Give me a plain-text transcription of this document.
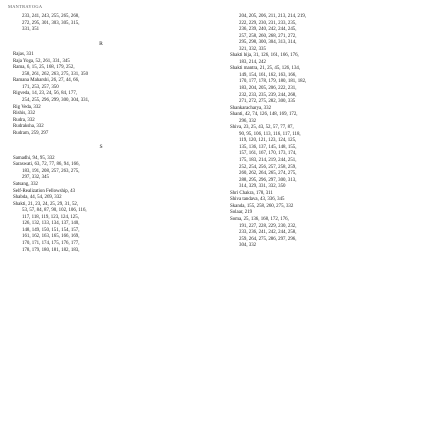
MANTRAYOGA

233, 241, 243, 255, 265, 268,

272, 295, 301, 303, 305, 315,

331, 351

R

Rajas, 331

Raja Yoga, 52, 261, 331, 345

Rama, 6, 15, 25, 168, 179, 252,

258, 261, 262, 263, 275, 331, 350

Ramana Maharshi, 26, 27, 44, 66,

171, 253, 257, 350

Rigveda, 14, 23, 24, 56, 84, 177,

254, 255, 296, 299, 300, 304, 331,

Rig Veda, 332

Rishis, 332

Rudra, 332

Rudraksha, 332

Rudram, 259, 297

S

Samadhi, 94, 95, 332

Saraswati, 63, 72, 77, 86, 94, 166,

183, 191, 208, 257, 263, 275,

297, 332, 345

Satsang, 332

Self-Realization Fellowship, 43

Shabda, 44, 54, 269, 332

Shakti, 21, 23, 24, 25, 29, 31, 52,

53, 57, 84, 87, 90, 102, 106, 116,

117, 118, 119, 123, 124, 125,

126, 132, 133, 134, 137, 140,

148, 149, 150, 151, 154, 157,

161, 162, 163, 165, 166, 169,

170, 171, 174, 175, 176, 177,

178, 179, 180, 181, 182, 183,

204, 205, 206, 211, 213, 214, 219,

222, 229, 230, 231, 233, 235,

236, 239, 240, 242, 244, 245,

257, 258, 260, 268, 271, 272,

295, 298, 300, 304, 313, 314,

321, 332, 335

Shakti bija, 31, 126, 161, 166, 176,

183, 214, 242

Shakti mantra, 21, 25, 45, 126, 134,

149, 154, 161, 162, 163, 166,

170, 177, 178, 179, 180, 181, 182,

183, 204, 205, 206, 222, 231,

232, 233, 235, 239, 244, 268,

271, 272, 275, 282, 300, 335

Shankaracharya, 332

Shanti, 42, 74, 126, 148, 169, 172,

296, 332

Shiva, 23, 25, 43, 52, 57, 77, 87,

90, 95, 106, 113, 116, 117, 118,

119, 120, 121, 123, 124, 125,

135, 136, 137, 145, 148, 155,

157, 161, 167, 170, 173, 174,

175, 183, 214, 219, 244, 251,

252, 254, 256, 257, 258, 259,

260, 262, 264, 265, 274, 275,

288, 295, 296, 297, 300, 313,

314, 329, 331, 332, 350

Shri Chakra, 178, 311

Shiva tandava, 43, 336, 345

Skanda, 155, 258, 260, 275, 332

Solaar, 219

Soma, 25, 136, 168, 172, 176,

191, 227, 228, 229, 230, 232,

233, 236, 241, 242, 244, 258,

259, 264, 275, 286, 297, 296,

304, 332
